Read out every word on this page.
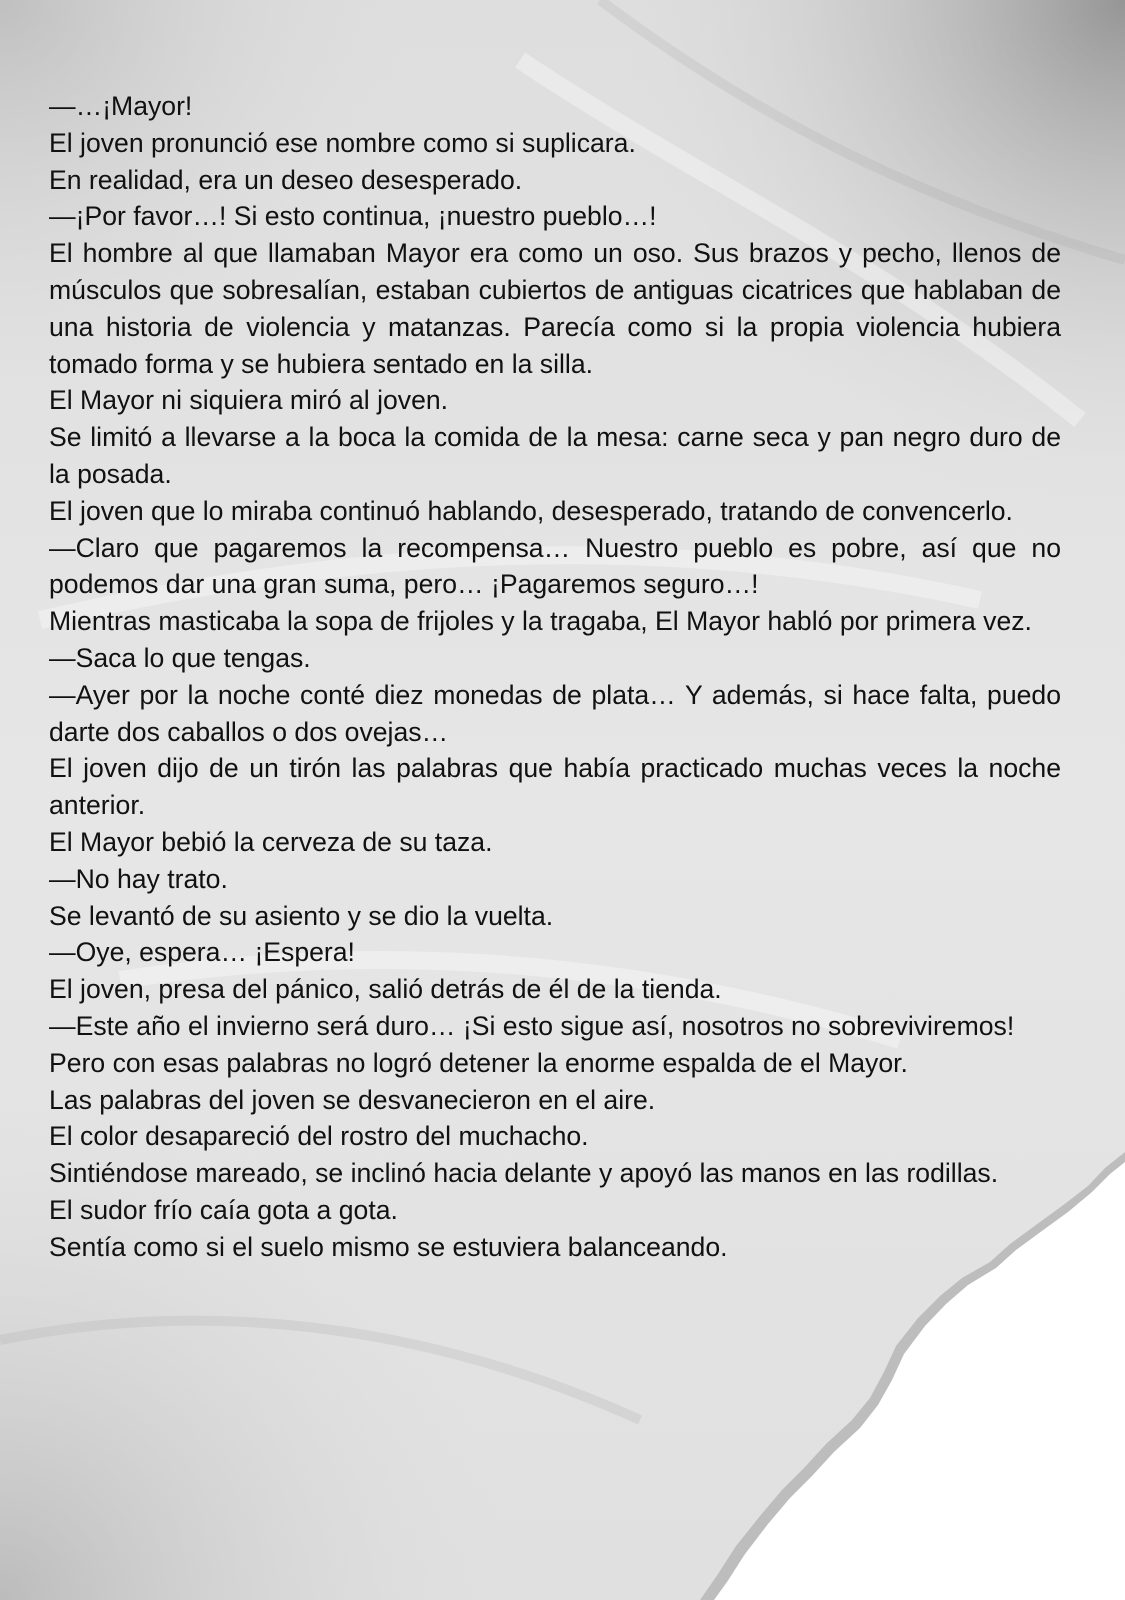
—…¡Mayor!

El joven pronunció ese nombre como si suplicara.

En realidad, era un deseo desesperado.

—¡Por favor…! Si esto continua, ¡nuestro pueblo…!

El hombre al que llamaban Mayor era como un oso. Sus brazos y pecho, llenos de músculos que sobresalían, estaban cubiertos de antiguas cicatrices que hablaban de una historia de violencia y matanzas. Parecía como si la propia violencia hubiera tomado forma y se hubiera sentado en la silla.

El Mayor ni siquiera miró al joven.

Se limitó a llevarse a la boca la comida de la mesa: carne seca y pan negro duro de la posada.

El joven que lo miraba continuó hablando, desesperado, tratando de convencerlo.

—Claro que pagaremos la recompensa… Nuestro pueblo es pobre, así que no podemos dar una gran suma, pero… ¡Pagaremos seguro…!

Mientras masticaba la sopa de frijoles y la tragaba, El Mayor habló por primera vez.

—Saca lo que tengas.

—Ayer por la noche conté diez monedas de plata… Y además, si hace falta, puedo darte dos caballos o dos ovejas…

El joven dijo de un tirón las palabras que había practicado muchas veces la noche anterior.

El Mayor bebió la cerveza de su taza.

—No hay trato.

Se levantó de su asiento y se dio la vuelta.

—Oye, espera… ¡Espera!

El joven, presa del pánico, salió detrás de él de la tienda.

—Este año el invierno será duro… ¡Si esto sigue así, nosotros no sobreviviremos!

Pero con esas palabras no logró detener la enorme espalda de el Mayor.

Las palabras del joven se desvanecieron en el aire.

El color desapareció del rostro del muchacho.

Sintiéndose mareado, se inclinó hacia delante y apoyó las manos en las rodillas.

El sudor frío caía gota a gota.

Sentía como si el suelo mismo se estuviera balanceando.
